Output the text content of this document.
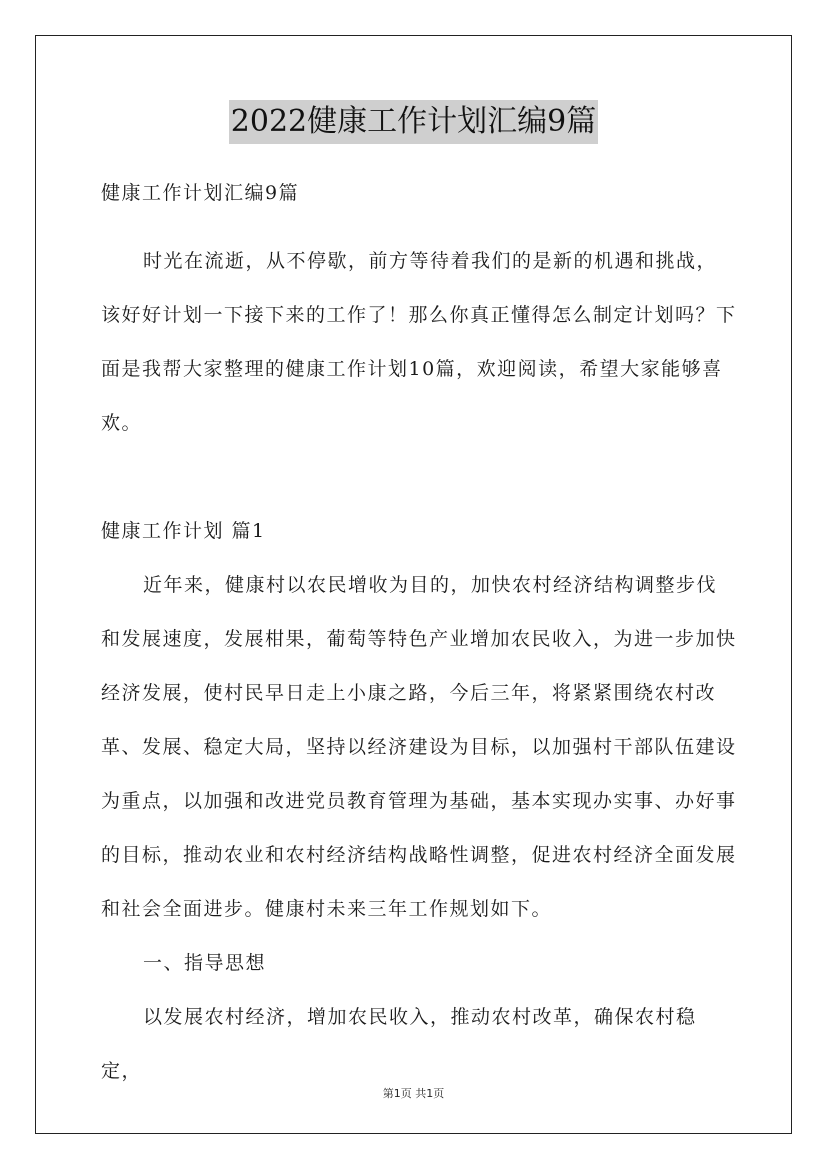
2022健康工作计划汇编9篇

健康工作计划汇编9篇

时光在流逝，从不停歇，前方等待着我们的是新的机遇和挑战，该好好计划一下接下来的工作了！那么你真正懂得怎么制定计划吗？下面是我帮大家整理的健康工作计划10篇，欢迎阅读，希望大家能够喜欢。

健康工作计划 篇1

近年来，健康村以农民增收为目的，加快农村经济结构调整步伐和发展速度，发展柑果，葡萄等特色产业增加农民收入，为进一步加快经济发展，使村民早日走上小康之路，今后三年，将紧紧围绕农村改革、发展、稳定大局，坚持以经济建设为目标，以加强村干部队伍建设为重点，以加强和改进党员教育管理为基础，基本实现办实事、办好事的目标，推动农业和农村经济结构战略性调整，促进农村经济全面发展和社会全面进步。健康村未来三年工作规划如下。

一、指导思想

以发展农村经济，增加农民收入，推动农村改革，确保农村稳定，

第1页 共1页
